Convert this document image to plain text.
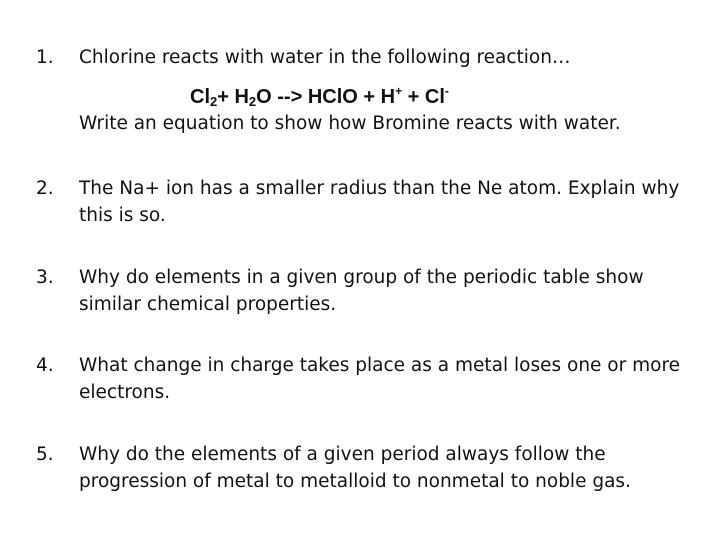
1. Chlorine reacts with water in the following reaction…
$Cl_2+ H_2O$ --> HClO + H+ + Cl-
Write an equation to show how Bromine reacts with water.
2. The Na+ ion has a smaller radius than the Ne atom. Explain why this is so.
3. Why do elements in a given group of the periodic table show similar chemical properties.
4. What change in charge takes place as a metal loses one or more electrons.
5. Why do the elements of a given period always follow the progression of metal to metalloid to nonmetal to noble gas.
